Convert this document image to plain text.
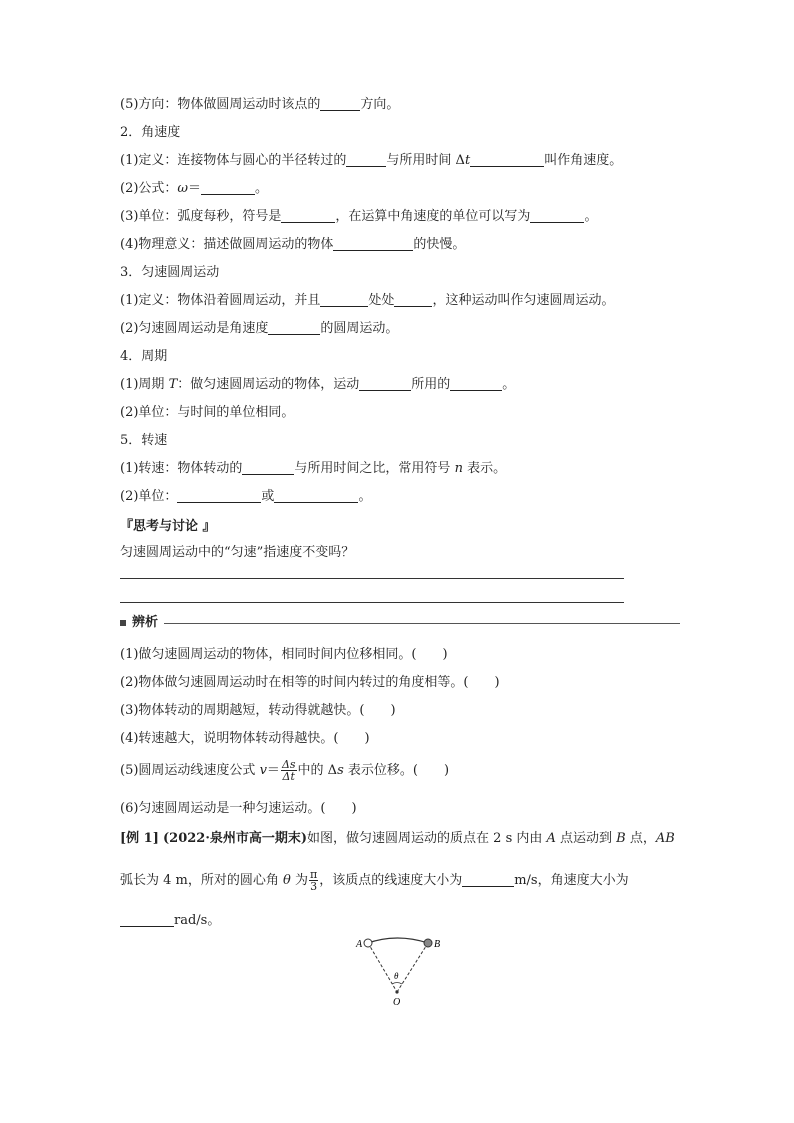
(5)方向：物体做圆周运动时该点的	方向。
2．角速度
(1)定义：连接物体与圆心的半径转过的	与所用时间 Δt	叫作角速度。
(2)公式：ω＝	。
(3)单位：弧度每秒，符号是	，在运算中角速度的单位可以写为	。
(4)物理意义：描述做圆周运动的物体	的快慢。
3．匀速圆周运动
(1)定义：物体沿着圆周运动，并且	处处	，这种运动叫作匀速圆周运动。
(2)匀速圆周运动是角速度	的圆周运动。
4．周期
(1)周期 T：做匀速圆周运动的物体，运动	所用的	。
(2)单位：与时间的单位相同。
5．转速
(1)转速：物体转动的	与所用时间之比，常用符号 n 表示。
(2)单位：	或	。
『思考与讨论 』
匀速圆周运动中的“匀速”指速度不变吗？
辨析
(1)做匀速圆周运动的物体，相同时间内位移相同。( )
(2)物体做匀速圆周运动时在相等的时间内转过的角度相等。( )
(3)物体转动的周期越短，转动得就越快。( )
(4)转速越大，说明物体转动得越快。( )
(5)圆周运动线速度公式 $v= \frac{\Delta s}{\Delta t}$ 中的 Δs 表示位移。( )
(6)匀速圆周运动是一种匀速运动。( )
[例 1] (2022·泉州市高一期末)如图，做匀速圆周运动的质点在 2 s 内由 A 点运动到 B 点，AB
弧长为 4 m，所对的圆心角 θ 为 $\frac{\pi}{3}$ ，该质点的线速度大小为	m/s，角速度大小为
rad/s。
A	B
θ
O
